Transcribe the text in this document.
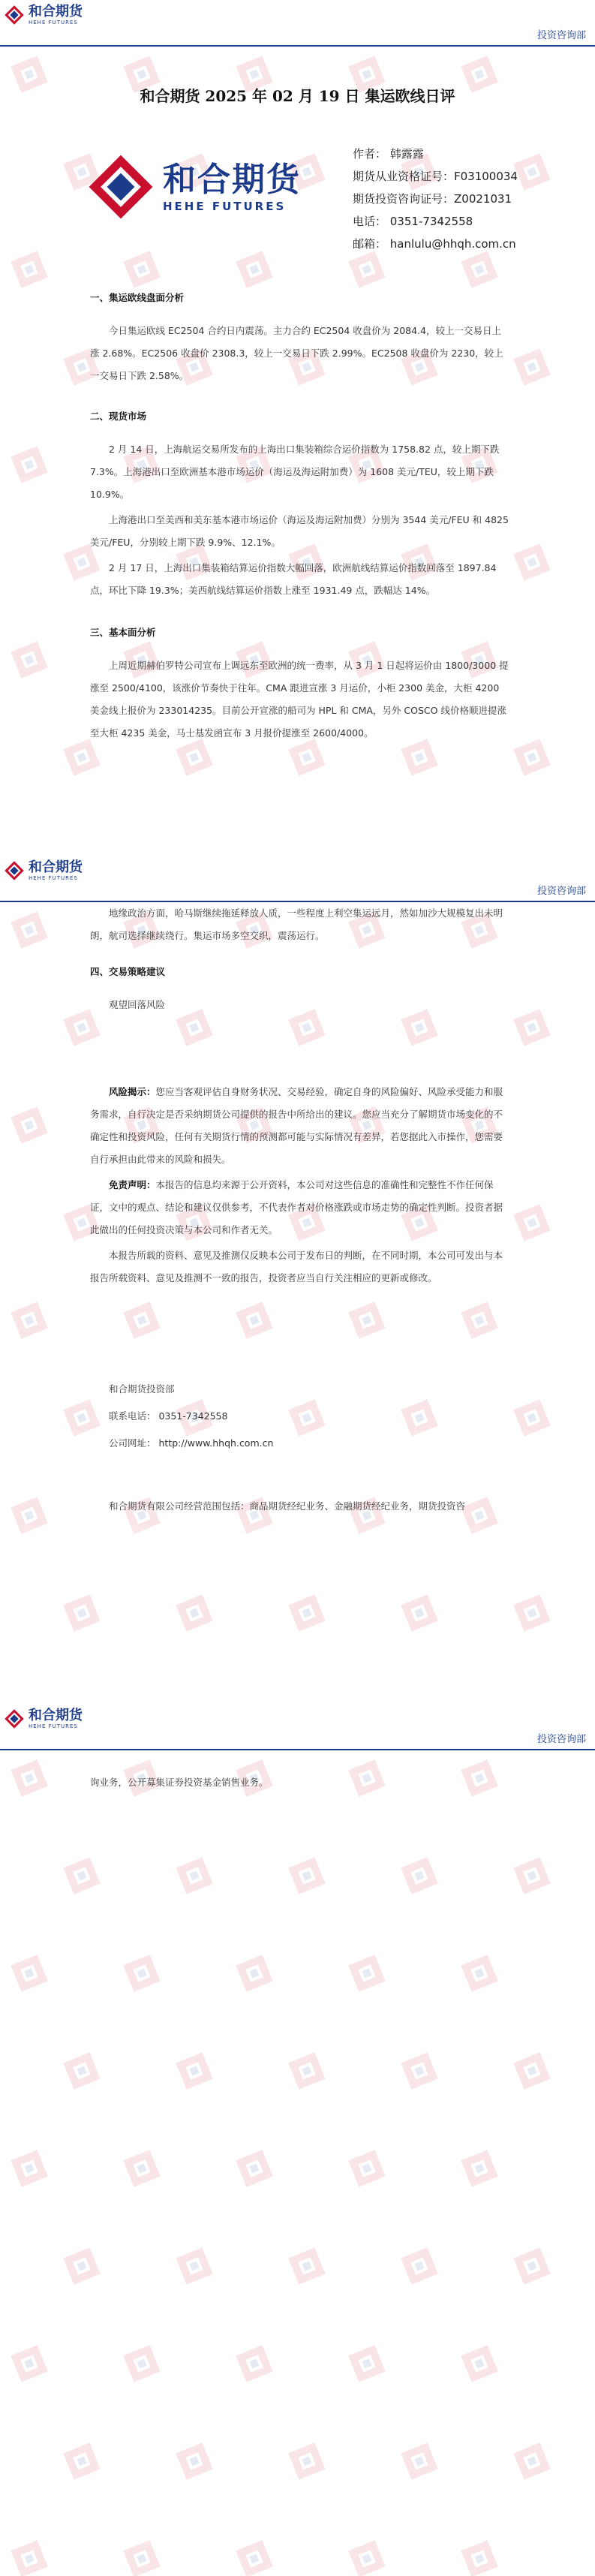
和合期货
HEHE FUTURES
投资咨询部
和合期货 2025 年 02 月 19 日 集运欧线日评
和合期货
HEHE FUTURES
作者： 韩露露
期货从业资格证号：F03100034
期货投资咨询证号：Z0021031
电话： 0351-7342558
邮箱： hanlulu@hhqh.com.cn
一、集运欧线盘面分析
今日集运欧线 EC2504 合约日内震荡。主力合约 EC2504 收盘价为 2084.4，较上一交易日上涨 2.68%。EC2506 收盘价 2308.3，较上一交易日下跌 2.99%。EC2508 收盘价为 2230，较上一交易日下跌 2.58%。
二、现货市场
2 月 14 日，上海航运交易所发布的上海出口集装箱综合运价指数为 1758.82 点，较上期下跌 7.3%。上海港出口至欧洲基本港市场运价（海运及海运附加费）为 1608 美元/TEU，较上期下跌 10.9%。
上海港出口至美西和美东基本港市场运价（海运及海运附加费）分别为 3544 美元/FEU 和 4825 美元/FEU，分别较上期下跌 9.9%、12.1%。
2 月 17 日，上海出口集装箱结算运价指数大幅回落，欧洲航线结算运价指数回落至 1897.84 点，环比下降 19.3%；美西航线结算运价指数上涨至 1931.49 点，跌幅达 14%。
三、基本面分析
上周近期赫伯罗特公司宣布上调远东至欧洲的统一费率，从 3 月 1 日起将运价由 1800/3000 提涨至 2500/4100，该涨价节奏快于往年。CMA 跟进宣涨 3 月运价，小柜 2300 美金，大柜 4200 美金线上报价为 233014235。目前公开宣涨的船司为 HPL 和 CMA，另外 COSCO 线价格顺进提涨至大柜 4235 美金，马士基发函宣布 3 月报价提涨至 2600/4000。
和合期货
HEHE FUTURES
投资咨询部
地缘政治方面，哈马斯继续拖延释放人质，一些程度上利空集运远月，然如加沙大规模复出未明朗，航司选择继续绕行。集运市场多空交织，震荡运行。
四、交易策略建议
观望回落风险
风险揭示：您应当客观评估自身财务状况、交易经验，确定自身的风险偏好、风险承受能力和服务需求，自行决定是否采纳期货公司提供的报告中所给出的建议。您应当充分了解期货市场变化的不确定性和投资风险，任何有关期货行情的预测都可能与实际情况有差异，若您据此入市操作，您需要自行承担由此带来的风险和损失。
免责声明：本报告的信息均来源于公开资料，本公司对这些信息的准确性和完整性不作任何保证，文中的观点、结论和建议仅供参考，不代表作者对价格涨跌或市场走势的确定性判断。投资者据此做出的任何投资决策与本公司和作者无关。
本报告所载的资料、意见及推测仅反映本公司于发布日的判断，在不同时期，本公司可发出与本报告所载资料、意见及推测不一致的报告，投资者应当自行关注相应的更新或修改。
和合期货投资部
联系电话： 0351-7342558
公司网址： http://www.hhqh.com.cn
和合期货有限公司经营范围包括：商品期货经纪业务、金融期货经纪业务，期货投资咨
和合期货
HEHE FUTURES
投资咨询部
询业务，公开募集证券投资基金销售业务。
